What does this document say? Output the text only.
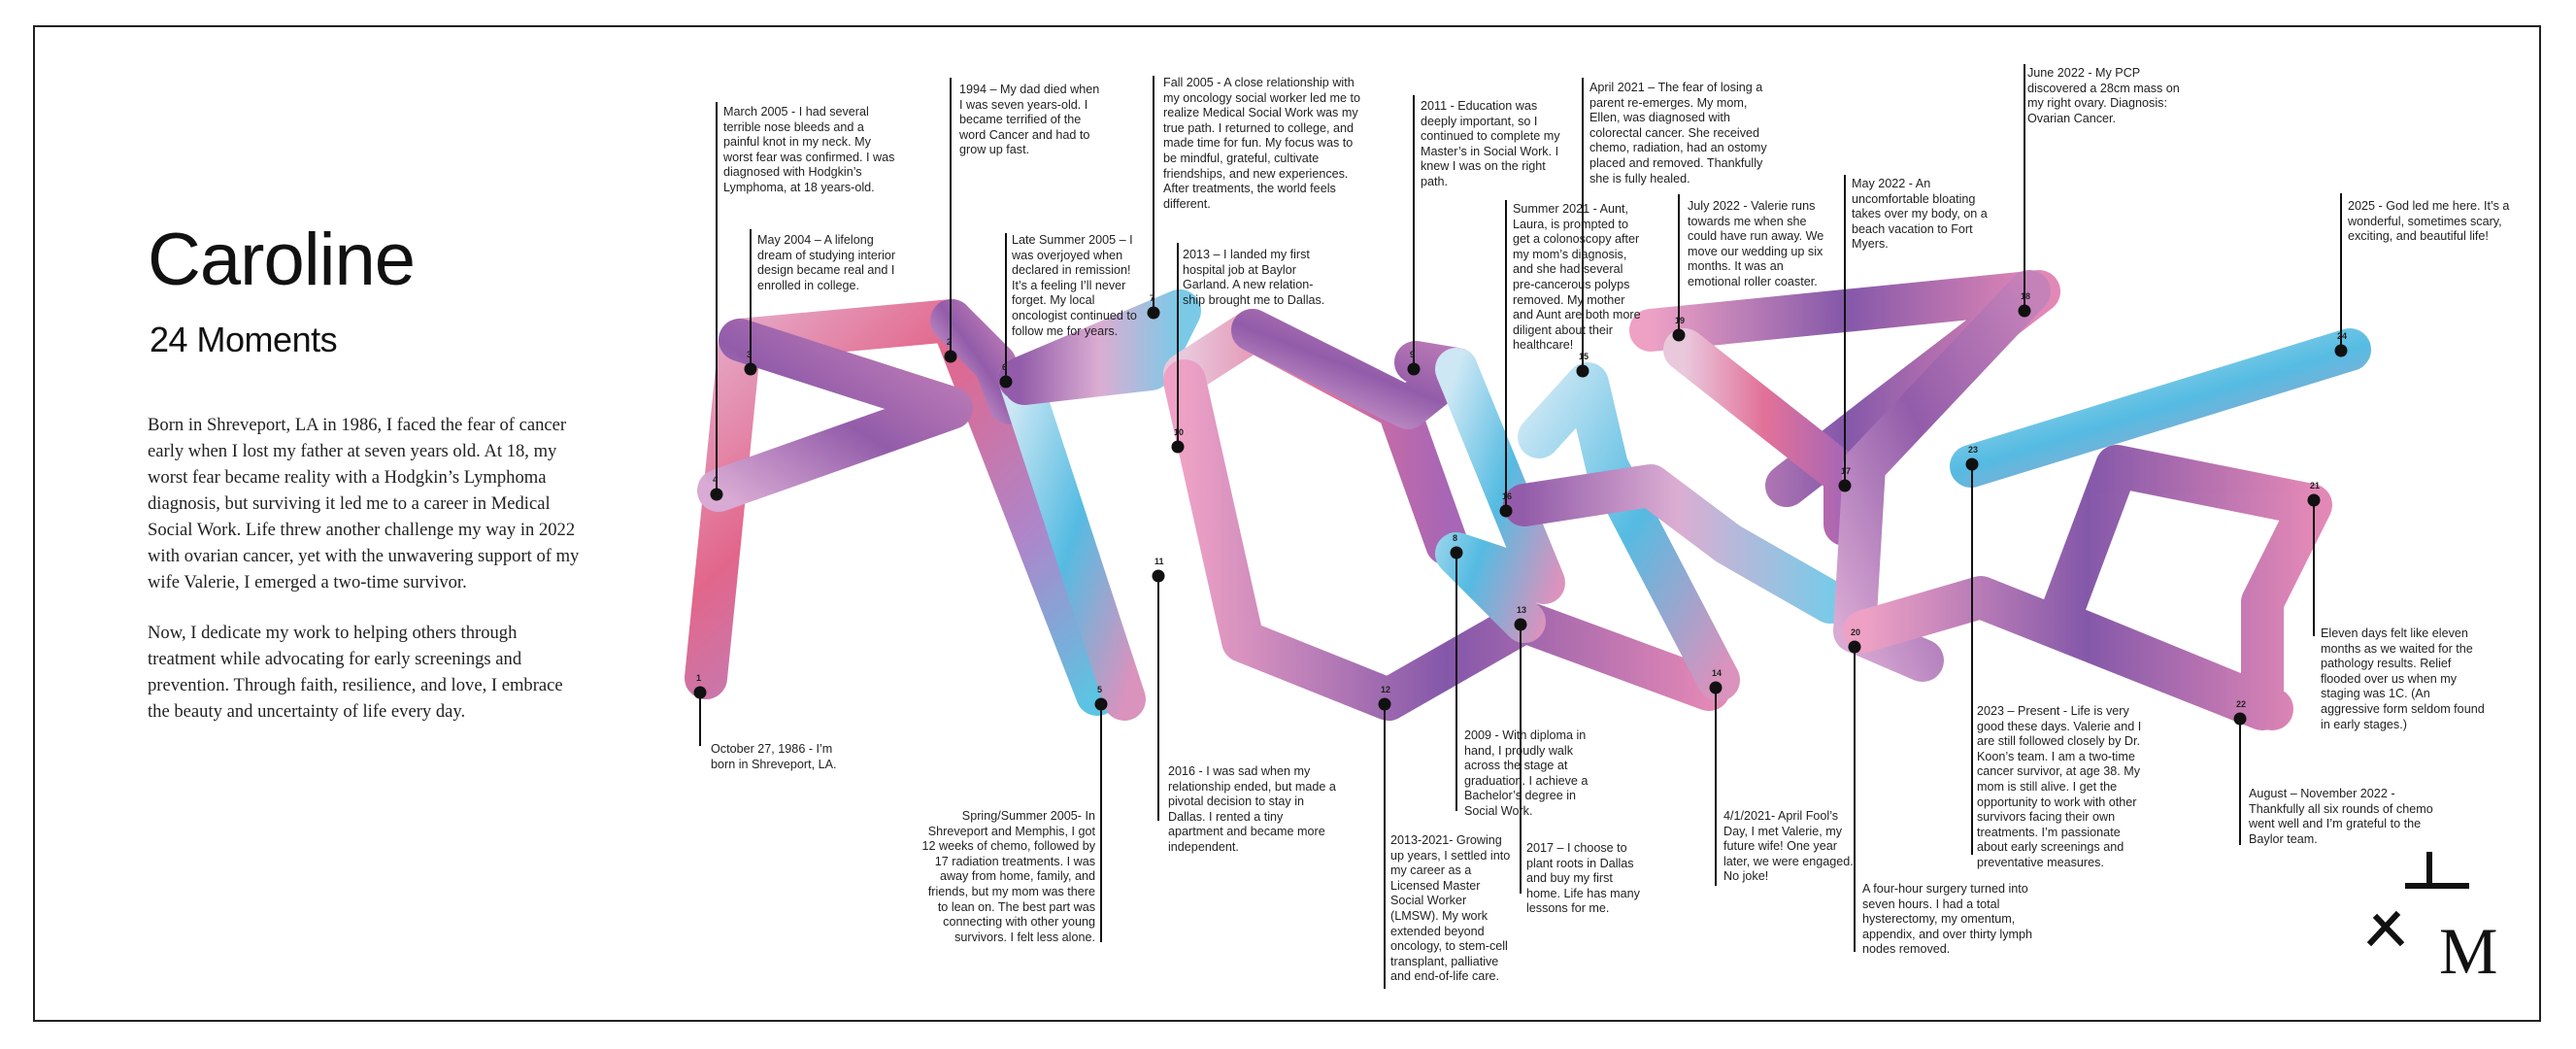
Caroline
24 Moments

Born in Shreveport, LA in 1986, I faced the fear of cancer early when I lost my father at seven years old. At 18, my worst fear became reality with a Hodgkin’s Lymphoma diagnosis, but surviving it led me to a career in Medical Social Work. Life threw another challenge my way in 2022 with ovarian cancer, yet with the unwavering support of my wife Valerie, I emerged a two-time survivor.

Now, I dedicate my work to helping others through treatment while advocating for early screenings and prevention. Through faith, resilience, and love, I embrace the beauty and uncertainty of life every day.

1
2
3
4
5
6
7
8
9
10
11
12
13
14
15
16
17
18
19
20
21
22
23
24

October 27, 1986 - I’m born in Shreveport, LA.

1994 – My dad died when I was seven years-old. I became terrified of the word Cancer and had to grow up fast.

May 2004 – A lifelong dream of studying interior design became real and I enrolled in college.

March 2005 - I had several terrible nose bleeds and a painful knot in my neck. My worst fear was confirmed. I was diagnosed with Hodgkin’s Lymphoma, at 18 years-old.

Spring/Summer 2005- In Shreveport and Memphis, I got 12 weeks of chemo, followed by 17 radiation treatments. I was away from home, family, and friends, but my mom was there to lean on. The best part was connecting with other young survivors. I felt less alone.

Late Summer 2005 – I was overjoyed when declared in remission! It’s a feeling I’ll never forget. My local oncologist continued to follow me for years.

Fall 2005 - A close relationship with my oncology social worker led me to realize Medical Social Work was my true path. I returned to college, and made time for fun. My focus was to be mindful, grateful, cultivate friendships, and new experiences. After treatments, the world feels different.

2009 - With diploma in hand, I proudly walk across the stage at graduation. I achieve a Bachelor’s degree in Social Work.

2011 - Education was deeply important, so I continued to complete my Master’s in Social Work. I knew I was on the right path.

2013 – I landed my first hospital job at Baylor Garland. A new relation-ship brought me to Dallas.

2016 - I was sad when my relationship ended, but made a pivotal decision to stay in Dallas. I rented a tiny apartment and became more independent.	2013-2021- Growing up years, I settled into my career as a Licensed Master Social Worker (LMSW). My work extended beyond oncology, to stem-cell transplant, palliative and end-of-life care.

2017 – I choose to plant roots in Dallas and buy my first home. Life has many lessons for me.

4/1/2021- April Fool’s Day, I met Valerie, my future wife! One year later, we were engaged. No joke!

April 2021 – The fear of losing a parent re-emerges. My mom, Ellen, was diagnosed with colorectal cancer. She received chemo, radiation, had an ostomy placed and removed. Thankfully she is fully healed.

Summer 2021 - Aunt, Laura, is prompted to get a colonoscopy after my mom’s diagnosis, and she had several pre-cancerous polyps removed. My mother and Aunt are both more diligent about their healthcare!

May 2022 - An uncomfortable bloating takes over my body, on a beach vacation to Fort Myers.

June 2022 - My PCP discovered a 28cm mass on my right ovary. Diagnosis: Ovarian Cancer.

July 2022 - Valerie runs towards me when she could have run away. We move our wedding up six months. It was an emotional roller coaster.

A four-hour surgery turned into seven hours. I had a total hysterectomy, my omentum, appendix, and over thirty lymph nodes removed.

Eleven days felt like eleven months as we waited for the pathology results. Relief flooded over us when my staging was 1C. (An aggressive form seldom found in early stages.)

August – November 2022 - Thankfully all six rounds of chemo went well and I’m grateful to the Baylor team.

2023 – Present - Life is very good these days. Valerie and I are still followed closely by Dr. Koon’s team. I am a two-time cancer survivor, at age 38. My mom is still alive. I get the opportunity to work with other survivors facing their own treatments. I’m passionate about early screenings and preventative measures.

2025 - God led me here. It’s a wonderful, sometimes scary, exciting, and beautiful life!

M
